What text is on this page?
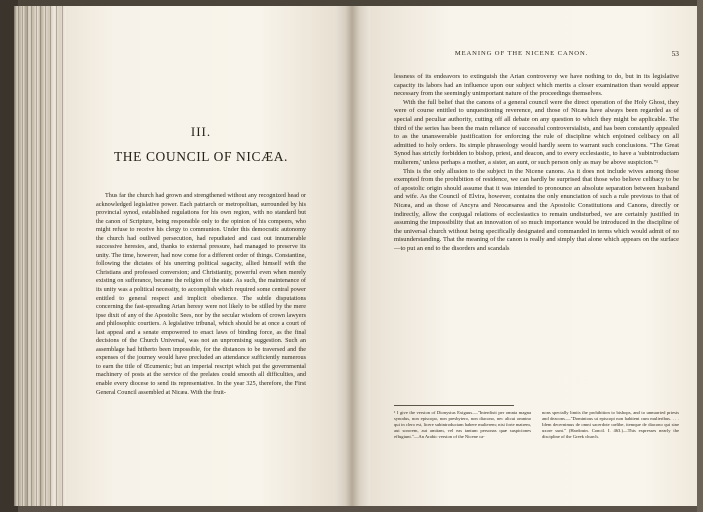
III.
THE COUNCIL OF NICÆA.

Thus far the church had grown and strengthened without any recognized head or acknowledged legislative power. Each patriarch or metropolitan, surrounded by his provincial synod, established regulations for his own region, with no standard but the canon of Scripture, being responsible only to the opinion of his compeers, who might refuse to receive his clergy to communion. Under this democratic autonomy the church had outlived persecution, had repudiated and cast out innumerable successive heresies, and, thanks to external pressure, had managed to preserve its unity. The time, however, had now come for a different order of things. Constantine, following the dictates of his unerring political sagacity, allied himself with the Christians and professed conversion; and Christianity, powerful even when merely existing on sufferance, became the religion of the state. As such, the maintenance of its unity was a political necessity, to accomplish which required some central power entitled to general respect and implicit obedience. The subtle disputations concerning the fast-spreading Arian heresy were not likely to be stilled by the mere ipse dixit of any of the Apostolic Sees, nor by the secular wisdom of crown lawyers and philosophic courtiers. A legislative tribunal, which should be at once a court of last appeal and a senate empowered to enact laws of binding force, as the final decisions of the Church Universal, was not an unpromising suggestion. Such an assemblage had hitherto been impossible, for the distances to be traversed and the expenses of the journey would have precluded an attendance sufficiently numerous to earn the title of Œcumenic; but an imperial rescript which put the governmental machinery of posts at the service of the prelates could smooth all difficulties, and enable every diocese to send its representative. In the year 325, therefore, the First General Council assembled at Nicæa. With the fruit-

MEANING OF THE NICENE CANON.	53

lessness of its endeavors to extinguish the Arian controversy we have nothing to do, but in its legislative capacity its labors had an influence upon our subject which merits a closer examination than would appear necessary from the seemingly unimportant nature of the proceedings themselves.

With the full belief that the canons of a general council were the direct operation of the Holy Ghost, they were of course entitled to unquestioning reverence, and those of Nicæa have always been regarded as of special and peculiar authority, cutting off all debate on any question to which they might be applicable. The third of the series has been the main reliance of successful controversialists, and has been constantly appealed to as the unanswerable justification for enforcing the rule of discipline which enjoined celibacy on all admitted to holy orders. Its simple phraseology would hardly seem to warrant such conclusions. "The Great Synod has strictly forbidden to bishop, priest, and deacon, and to every ecclesiastic, to have a 'subintroductam mulierem,' unless perhaps a mother, a sister, an aunt, or such person only as may be above suspicion."¹

This is the only allusion to the subject in the Nicene canons. As it does not include wives among those exempted from the prohibition of residence, we can hardly be surprised that those who believe celibacy to be of apostolic origin should assume that it was intended to pronounce an absolute separation between husband and wife. As the Council of Elvira, however, contains the only enunciation of such a rule previous to that of Nicæa, and as those of Ancyra and Neocæsarea and the Apostolic Constitutions and Canons, directly or indirectly, allow the conjugal relations of ecclesiastics to remain undisturbed, we are certainly justified in assuming the impossibility that an innovation of so much importance would be introduced in the discipline of the universal church without being specifically designated and commanded in terms which would admit of no misunderstanding. That the meaning of the canon is really and simply that alone which appears on the surface—to put an end to the disorders and scandals

¹ I give the version of Dionysius Exiguus.—"Interdixit per omnia magna synodus, non episcopo, non presbytero, non diacono, nec alicui omnino qui in clero est, licere subintroductam habere mulierem; nisi forte matrem, aut sororem, aut amitam, vel eas tantum personas quæ suspiciones effugiunt."—An Arabic version of the Nicene ca-

nons specially limits the prohibition to bishops, and to unmarried priests and deacons.—"Dominious ut episcopi non habitent cum mulieribus. . . . Idem decernimus de omni sacerdote cœlibe, itemque de diacono qui sine uxore sunt." (Hardouin. Concil. I. 463.)—This expresses nearly the discipline of the Greek church.
